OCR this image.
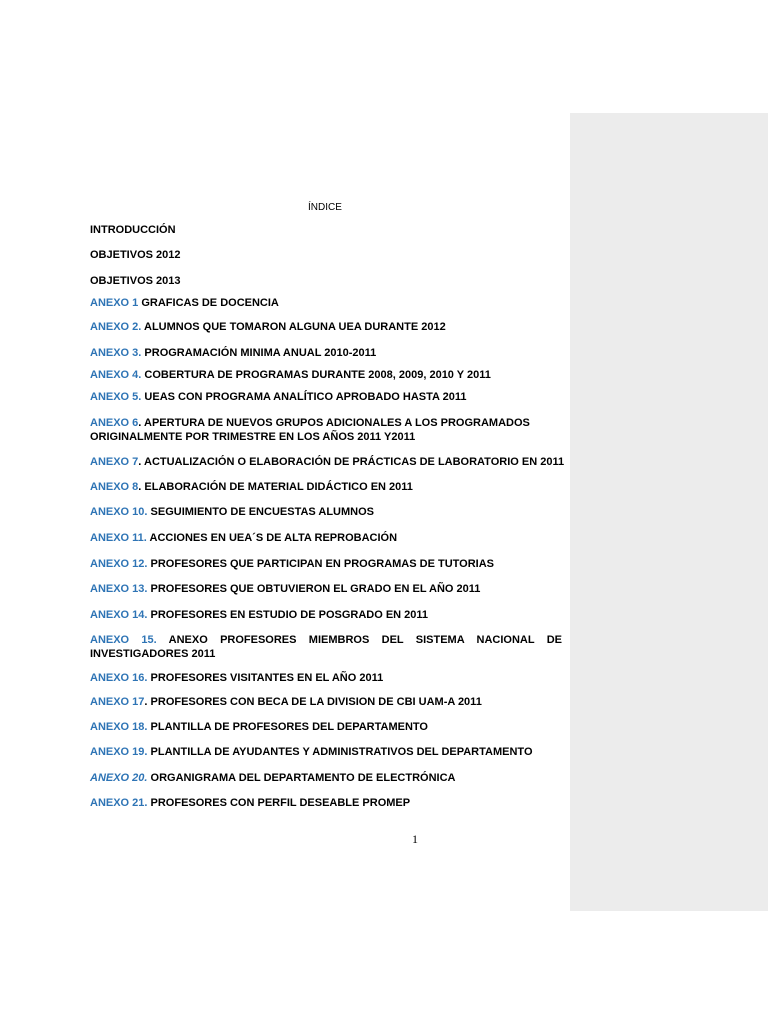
ÍNDICE
INTRODUCCIÓN
OBJETIVOS 2012
OBJETIVOS 2013
ANEXO 1 GRAFICAS DE DOCENCIA
ANEXO 2. ALUMNOS QUE TOMARON ALGUNA UEA DURANTE 2012
ANEXO 3. PROGRAMACIÓN MINIMA ANUAL 2010-2011
ANEXO 4. COBERTURA DE PROGRAMAS DURANTE 2008, 2009, 2010 Y 2011
ANEXO 5. UEAS CON PROGRAMA ANALÍTICO APROBADO HASTA 2011
ANEXO 6. APERTURA DE NUEVOS GRUPOS ADICIONALES A LOS PROGRAMADOS ORIGINALMENTE POR TRIMESTRE EN LOS AÑOS 2011 Y2011
ANEXO 7. ACTUALIZACIÓN O ELABORACIÓN DE PRÁCTICAS DE LABORATORIO EN 2011
ANEXO 8. ELABORACIÓN DE MATERIAL DIDÁCTICO EN 2011
ANEXO 10. SEGUIMIENTO DE ENCUESTAS ALUMNOS
ANEXO 11. ACCIONES EN UEA´S DE ALTA REPROBACIÓN
ANEXO 12. PROFESORES QUE PARTICIPAN EN PROGRAMAS DE TUTORIAS
ANEXO 13. PROFESORES QUE OBTUVIERON EL GRADO EN EL AÑO 2011
ANEXO 14. PROFESORES EN ESTUDIO DE POSGRADO EN 2011
ANEXO 15. ANEXO PROFESORES MIEMBROS DEL SISTEMA NACIONAL DE INVESTIGADORES 2011
ANEXO 16. PROFESORES VISITANTES EN EL AÑO 2011
ANEXO 17. PROFESORES CON BECA DE LA DIVISION DE CBI UAM-A 2011
ANEXO 18. PLANTILLA DE PROFESORES DEL DEPARTAMENTO
ANEXO 19. PLANTILLA DE AYUDANTES Y ADMINISTRATIVOS DEL DEPARTAMENTO
ANEXO 20. ORGANIGRAMA DEL DEPARTAMENTO DE ELECTRÓNICA
ANEXO 21. PROFESORES CON PERFIL DESEABLE PROMEP
1
